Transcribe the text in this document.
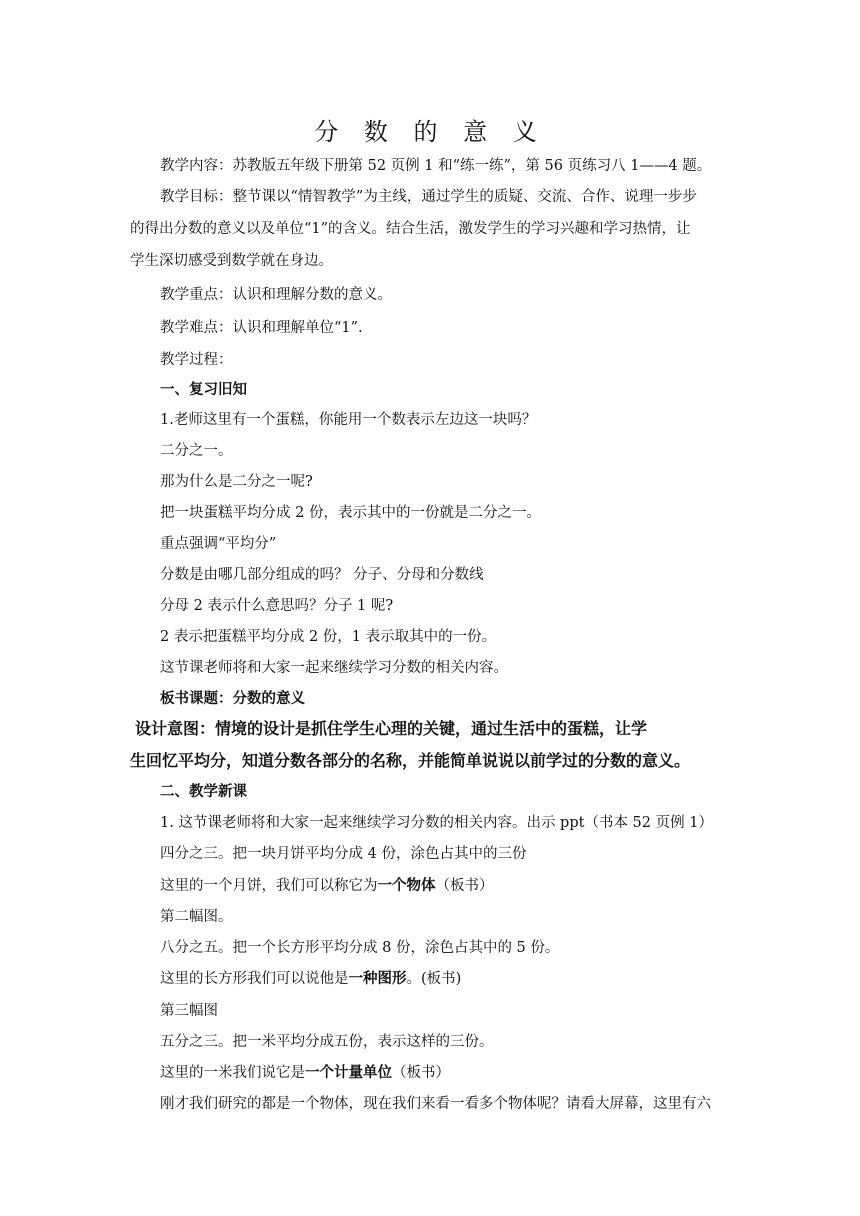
分 数 的 意 义
教学内容：苏教版五年级下册第 52 页例 1 和“练一练”，第 56 页练习八 1——4 题。
教学目标：整节课以“情智教学”为主线，通过学生的质疑、交流、合作、说理一步步
的得出分数的意义以及单位“1”的含义。结合生活，激发学生的学习兴趣和学习热情，让
学生深切感受到数学就在身边。
教学重点：认识和理解分数的意义。
教学难点：认识和理解单位“1”.
教学过程：
一、复习旧知
1.老师这里有一个蛋糕，你能用一个数表示左边这一块吗？
二分之一。
那为什么是二分之一呢?
把一块蛋糕平均分成 2 份，表示其中的一份就是二分之一。
重点强调“平均分”
分数是由哪几部分组成的吗？ 分子、分母和分数线
分母 2 表示什么意思吗？分子 1 呢?
2 表示把蛋糕平均分成 2 份，1 表示取其中的一份。
这节课老师将和大家一起来继续学习分数的相关内容。
板书课题：分数的意义
设计意图：情境的设计是抓住学生心理的关键，通过生活中的蛋糕，让学
生回忆平均分，知道分数各部分的名称，并能简单说说以前学过的分数的意义。
二、教学新课
1. 这节课老师将和大家一起来继续学习分数的相关内容。出示 ppt（书本 52 页例 1）
四分之三。把一块月饼平均分成 4 份，涂色占其中的三份
这里的一个月饼，我们可以称它为一个物体（板书）
第二幅图。
八分之五。把一个长方形平均分成 8 份，涂色占其中的 5 份。
这里的长方形我们可以说他是一种图形。(板书)
第三幅图
五分之三。把一米平均分成五份，表示这样的三份。
这里的一米我们说它是一个计量单位（板书）
刚才我们研究的都是一个物体，现在我们来看一看多个物体呢？请看大屏幕，这里有六
